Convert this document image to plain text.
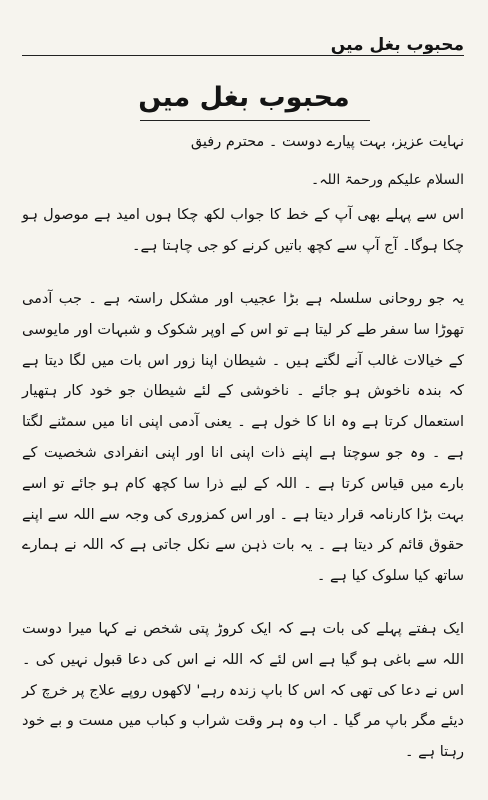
محبوب بغل میں
محبوب بغل میں

نہایت عزیز، بہت پیارے دوست ۔ محترم رفیق

السلام علیکم ورحمۃ اللہ۔

اس سے پہلے بھی آپ کے خط کا جواب لکھ چکا ہوں امید ہے موصول ہو چکا ہوگا۔ آج آپ سے کچھ باتیں کرنے کو جی چاہتا ہے۔

یہ جو روحانی سلسلہ ہے بڑا عجیب اور مشکل راستہ ہے ۔ جب آدمی تھوڑا سا سفر طے کر لیتا ہے تو اس کے اوپر شکوک و شبہات اور مایوسی کے خیالات غالب آنے لگتے ہیں ۔ شیطان اپنا زور اس بات میں لگا دیتا ہے کہ بندہ ناخوش ہو جائے ۔ ناخوشی کے لئے شیطان جو خود کار ہتھیار استعمال کرتا ہے وہ انا کا خول ہے ۔ یعنی آدمی اپنی انا میں سمٹنے لگتا ہے ۔ وہ جو سوچتا ہے اپنے ذات اپنی انا اور اپنی انفرادی شخصیت کے بارے میں قیاس کرتا ہے ۔ اللہ کے لیے ذرا سا کچھ کام ہو جائے تو اسے بہت بڑا کارنامہ قرار دیتا ہے ۔ اور اس کمزوری کی وجہ سے اللہ سے اپنے حقوق قائم کر دیتا ہے ۔ یہ بات ذہن سے نکل جاتی ہے کہ اللہ نے ہمارے ساتھ کیا سلوک کیا ہے ۔

ایک ہفتے پہلے کی بات ہے کہ ایک کروڑ پتی شخص نے کہا میرا دوست اللہ سے باغی ہو گیا ہے اس لئے کہ اللہ نے اس کی دعا قبول نہیں کی ۔ اس نے دعا کی تھی کہ اس کا باپ زندہ رہے' لاکھوں روپے علاج پر خرچ کر دیئے مگر باپ مر گیا ۔ اب وہ ہر وقت شراب و کباب میں مست و بے خود رہتا ہے ۔
